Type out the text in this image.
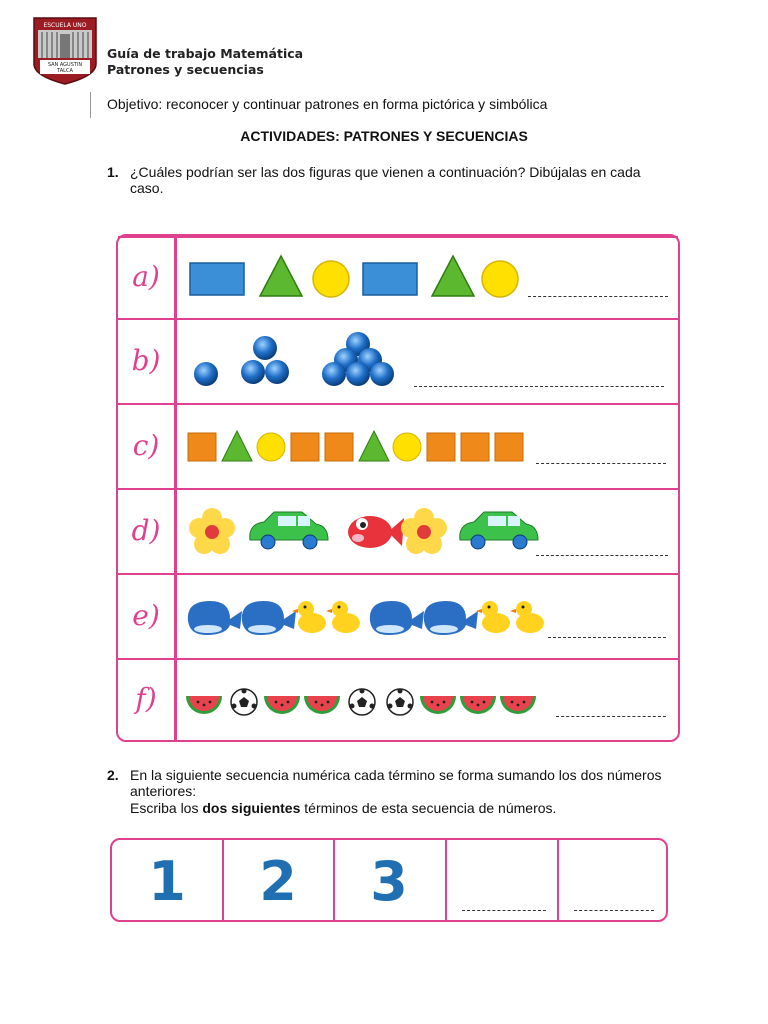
ESCUELA UNO
SAN AGUSTIN
TALCA
Guía de trabajo Matemática
Patrones y secuencias
Objetivo: reconocer y continuar patrones en forma pictórica y simbólica
ACTIVIDADES: PATRONES Y SECUENCIAS
1. ¿Cuáles podrían ser las dos figuras que vienen a continuación? Dibújalas en cada caso.
a)
b)
c)
d)
e)
f)
2. En la siguiente secuencia numérica cada término se forma sumando los dos números anteriores:
Escriba los dos siguientes términos de esta secuencia de números.
1	2	3
